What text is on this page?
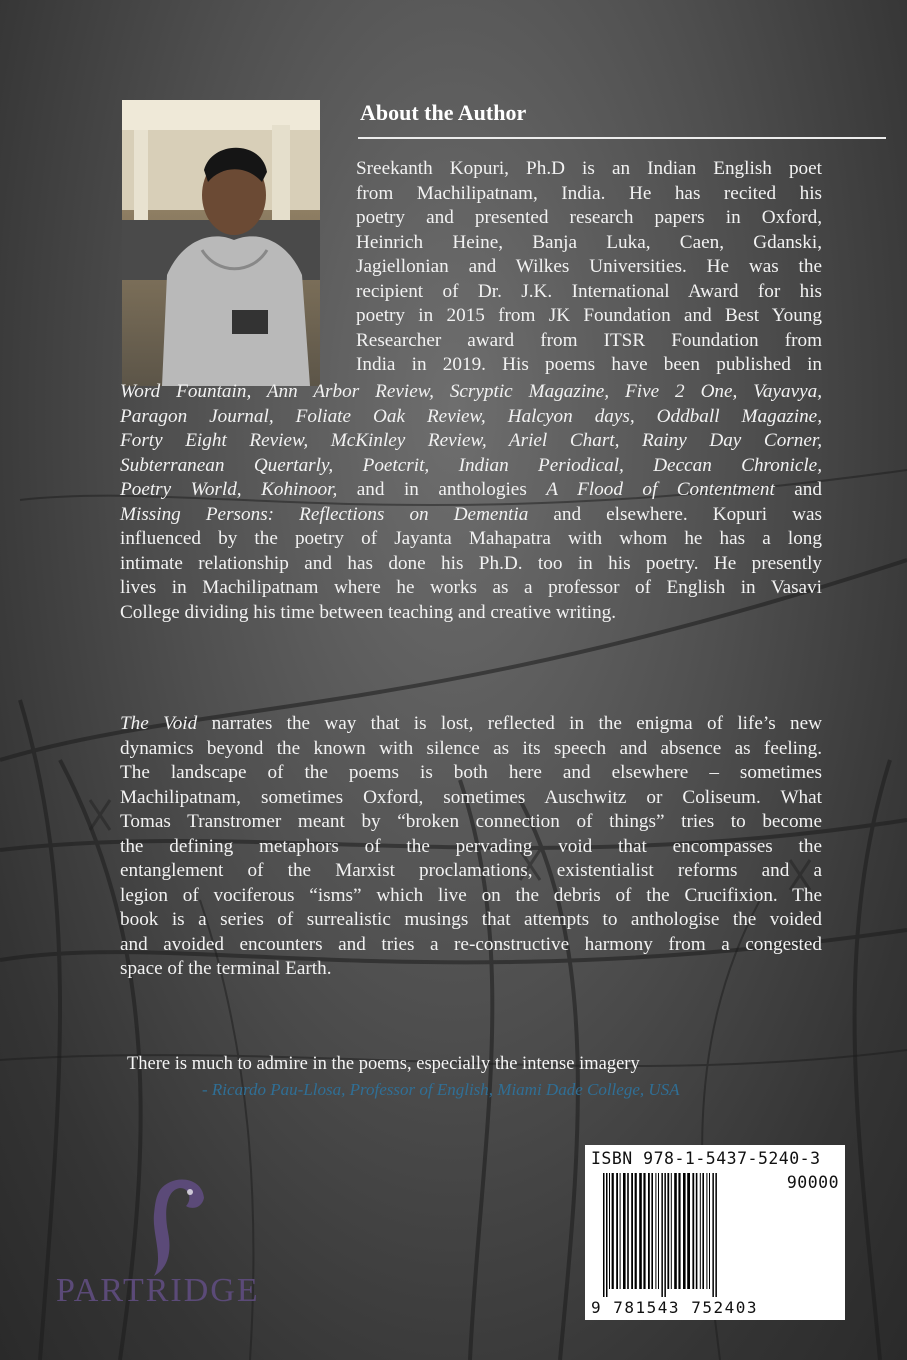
About the Author
Sreekanth Kopuri, Ph.D is an Indian English poet
from Machilipatnam, India. He has recited his
poetry and presented research papers in Oxford,
Heinrich Heine, Banja Luka, Caen, Gdanski,
Jagiellonian and Wilkes Universities. He was the
recipient of Dr. J.K. International Award for his
poetry in 2015 from JK Foundation and Best Young
Researcher award from ITSR Foundation from
India in 2019. His poems have been published in
Word Fountain, Ann Arbor Review, Scryptic Magazine, Five 2 One, Vayavya,
Paragon Journal, Foliate Oak Review, Halcyon days, Oddball Magazine,
Forty Eight Review, McKinley Review, Ariel Chart, Rainy Day Corner,
Subterranean Quertarly, Poetcrit, Indian Periodical, Deccan Chronicle,
Poetry World, Kohinoor, and in anthologies A Flood of Contentment and
Missing Persons: Reflections on Dementia and elsewhere. Kopuri was
influenced by the poetry of Jayanta Mahapatra with whom he has a long
intimate relationship and has done his Ph.D. too in his poetry. He presently
lives in Machilipatnam where he works as a professor of English in Vasavi
College dividing his time between teaching and creative writing.
The Void narrates the way that is lost, reflected in the enigma of life’s new
dynamics beyond the known with silence as its speech and absence as feeling.
The landscape of the poems is both here and elsewhere – sometimes
Machilipatnam, sometimes Oxford, sometimes Auschwitz or Coliseum. What
Tomas Transtromer meant by “broken connection of things” tries to become
the defining metaphors of the pervading void that encompasses the
entanglement of the Marxist proclamations, existentialist reforms and a
legion of vociferous “isms” which live on the debris of the Crucifixion. The
book is a series of surrealistic musings that attempts to anthologise the voided
and avoided encounters and tries a re-constructive harmony from a congested
space of the terminal Earth.
There is much to admire in the poems, especially the intense imagery
- Ricardo Pau-Llosa, Professor of English, Miami Dade College, USA
PARTRIDGE
ISBN 978-1-5437-5240-3
90000
9 781543 752403
